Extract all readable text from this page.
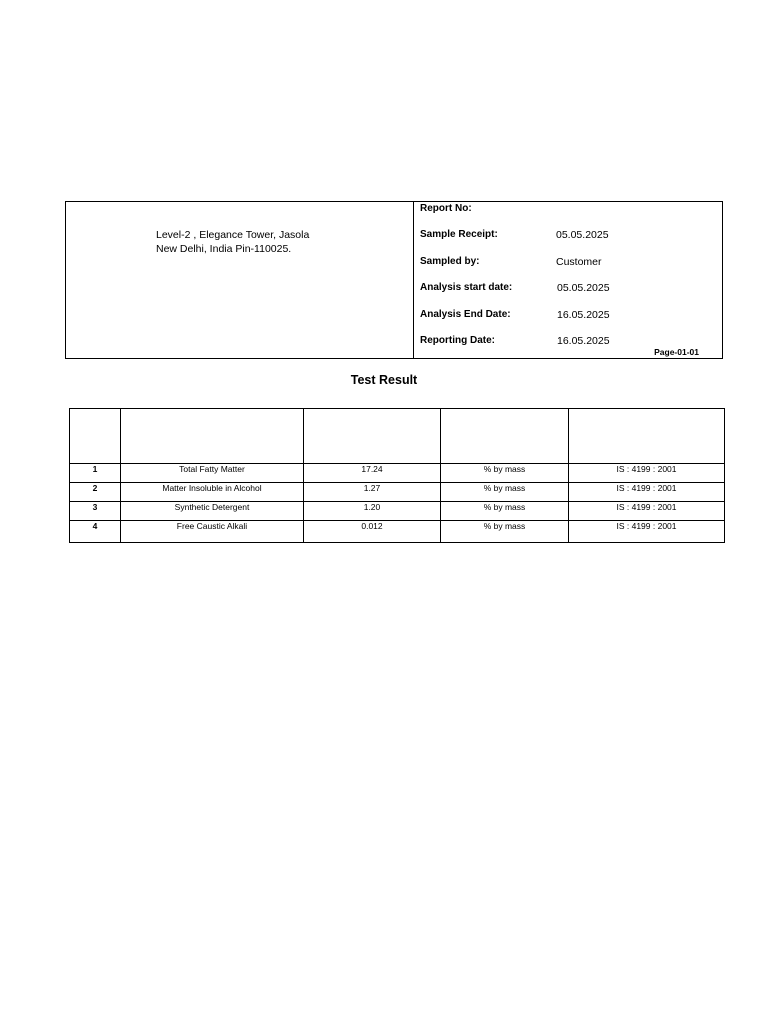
Level-2 , Elegance Tower, Jasola
New Delhi, India Pin-110025.
Report No:
Sample Receipt:	05.05.2025
Sampled by:	Customer
Analysis start date:	05.05.2025
Analysis End Date:	16.05.2025
Reporting Date:	16.05.2025
Page-01-01
Test Result

1	Total Fatty Matter	17.24	% by mass	IS : 4199 : 2001
2	Matter Insoluble in Alcohol	1.27	% by mass	IS : 4199 : 2001
3	Synthetic Detergent	1.20	% by mass	IS : 4199 : 2001
4	Free Caustic Alkali	0.012	% by mass	IS : 4199 : 2001
